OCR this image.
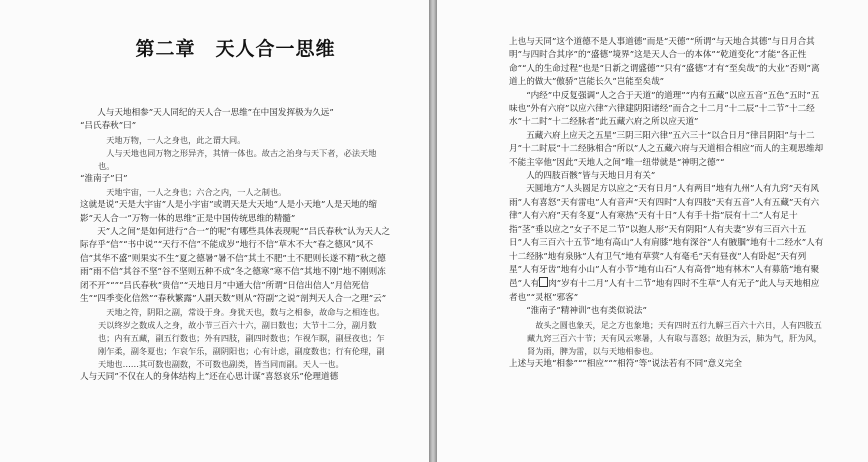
第二章　天人合一思维

人与天地相参”天人同纪的天人合一思维”在中国发挥极为久远”

“吕氏春秋”曰”

天地万物，一人之身也，此之谓大同。

人与天地也同万物之形异齐，其情一体也。故古之治身与天下者，必法天地也。

“淮南子”曰”

天地宇宙，一人之身也；六合之内，一人之制也。

这就是说”天是大宇宙”人是小宇宙”或谓天是大天地”人是小天地”人是天地的缩影”天人合一”万物一体的思维”正是中国传统思维的精髓”

天”人之间”是如何进行“合一”的呢”有哪些具体表现呢”“吕氏春秋”认为天人之际存乎“信”“书中说”“天行不信”不能成岁”地行不信”草木不大”春之德风”风不信”其华不盛”则果实不生”夏之德暑”暑不信”其土不肥”土不肥则长遂不精”秋之德雨”雨不信”其谷不坚”谷不坚则五种不成”冬之德寒”寒不信”其地不刚”地不刚则冻闭不开”“”“吕氏春秋”贵信”“天地日月”中通大信”所谓“日信出信人”月信死信生”“四季变化信然”“春秋繁露”人副天数”则从“符副”之说”剖判天人合一之理”云”

天地之符，阴阳之副，常设于身。身犹天也，数与之相参，故命与之相连也。天以终岁之数成人之身，故小节三百六十六，副日数也；大节十二分，副月数也；内有五藏，副五行数也；外有四肢，副四时数也；乍视乍瞑，副昼夜也；乍刚乍柔，副冬夏也；乍哀乍乐，副阴阳也；心有计虑，副度数也；行有伦理，副天地也……其可数也副数，不可数也副类，皆当同而副。天人一也。

人与天同”不仅在人的身体结构上”还在心思计谋”喜怒哀乐”伦理道德

上也与天同”这个道德不是人事道德”而是“天德”“所谓“与天地合其德”与日月合其明”与四时合其序”的“盛德”境界”这是天人合一的本体”“乾道变化”才能“各正性命”“人的生命过程”也是“日新之谓盛德”“只有“盛德”才有“至矣哉”的大业”否则”离道上的做大”傲骄”岂能长久”岂能至矣哉”

“内经”中反复强调“人之合于天道”的道理”“内有五藏”以应五音”五色”五时”五味也”外有六府”以应六律”六律建阴阳诸经”而合之十二月”十二辰”十二节”十二经水”十二时”十二经脉者”此五藏六府之所以应天道”

五藏六府上应天之五星”三阴三阳六律”五六三十”以合日月”律吕阴阳”与十二月”十二时辰”十二经脉相合”所以”人之五藏六府与天道相合相应”而人的主观思维却不能主宰他”因此”天地人之间”唯一纽带就是“神明之德”“

人的四肢百骸”皆与天地日月有关”

天圆地方”人头圆足方以应之”天有日月”人有两目”地有九州”人有九窍”天有风雨”人有喜怒”天有雷电”人有音声”天有四时”人有四肢”天有五音”人有五藏”天有六律”人有六府”天有冬夏”人有寒热”天有十日”人有手十指”辰有十二”人有足十指”茎”垂以应之”女子不足二节”以抱人形”天有阴阳”人有夫妻”岁有三百六十五日”人有三百六十五节”地有高山”人有肩膝”地有深谷”人有腋腘”地有十二经水”人有十二经脉”地有泉脉”人有卫气”地有草蓂”人有毫毛”天有昼夜”人有卧起”天有列星”人有牙齿”地有小山”人有小节”地有山石”人有高骨”地有林木”人有募筋”地有聚邑”人有 肉”岁有十二月”人有十二节”地有四时不生草”人有无子”此人与天地相应者也”“灵枢”邪客”

“淮南子”精神训”也有类似说法”

故头之圆也象天，足之方也象地；天有四时五行九解三百六十六日，人有四肢五藏九窍三百六十节；天有风云寒暑，人有取与喜怒；故胆为云，肺为气，肝为风，肾为雨，脾为雷，以与天地相参也。

上述与天地“相参”“”相应”“”相符”等”说法若有不同”意义完全
